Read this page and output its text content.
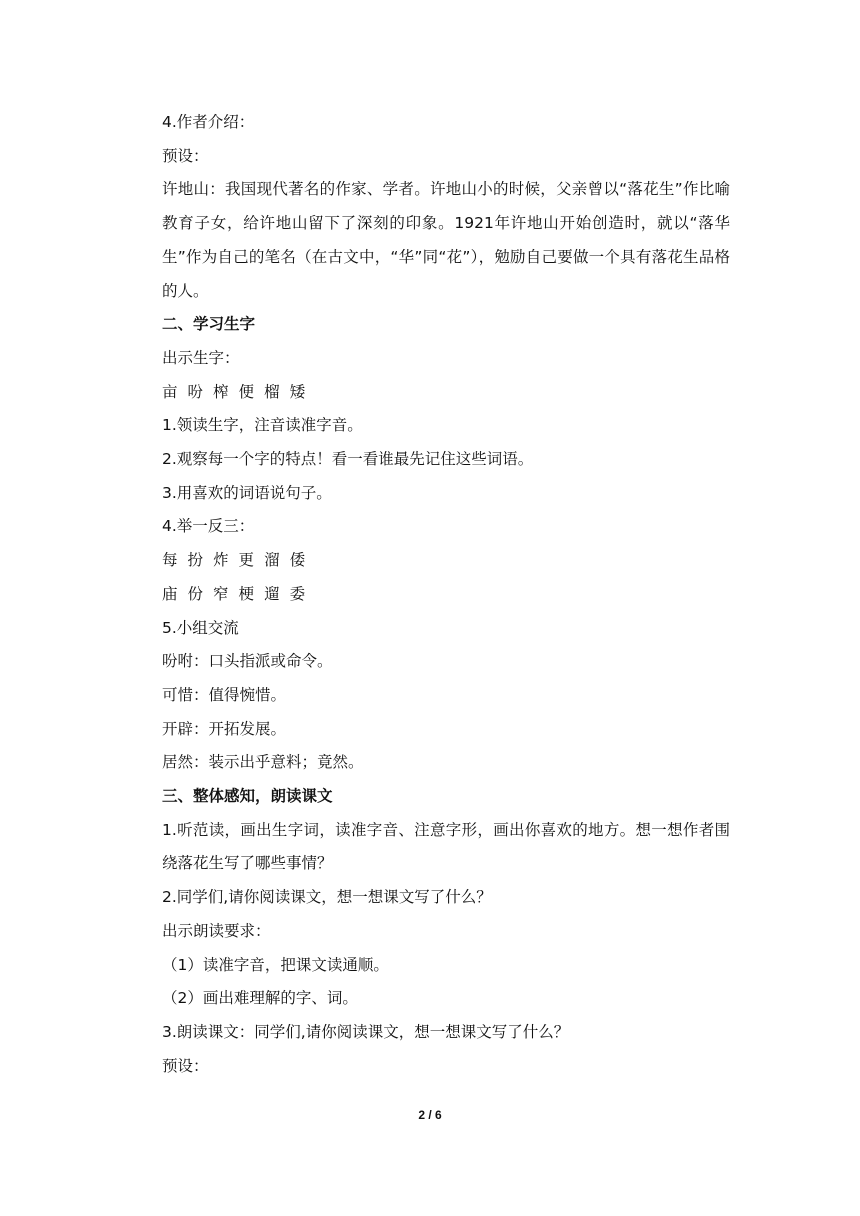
4.作者介绍：

预设：

许地山：我国现代著名的作家、学者。许地山小的时候，父亲曾以“落花生”作比喻教育子女，给许地山留下了深刻的印象。1921年许地山开始创造时，就以“落华生”作为自己的笔名（在古文中，“华”同“花”），勉励自己要做一个具有落花生品格的人。

二、学习生字

出示生字：

亩 吩 榨 便 榴 矮

1.领读生字，注音读准字音。

2.观察每一个字的特点！看一看谁最先记住这些词语。

3.用喜欢的词语说句子。

4.举一反三：

每 扮 炸 更 溜 倭

庙 份 窄 梗 遛 委

5.小组交流

吩咐：口头指派或命令。

可惜：值得惋惜。

开辟：开拓发展。

居然：装示出乎意料；竟然。

三、整体感知，朗读课文

1.听范读，画出生字词，读准字音、注意字形，画出你喜欢的地方。想一想作者围绕落花生写了哪些事情？

2.同学们,请你阅读课文，想一想课文写了什么？

出示朗读要求：

（1）读准字音，把课文读通顺。

（2）画出难理解的字、词。

3.朗读课文：同学们,请你阅读课文，想一想课文写了什么？

预设：

2 / 6
